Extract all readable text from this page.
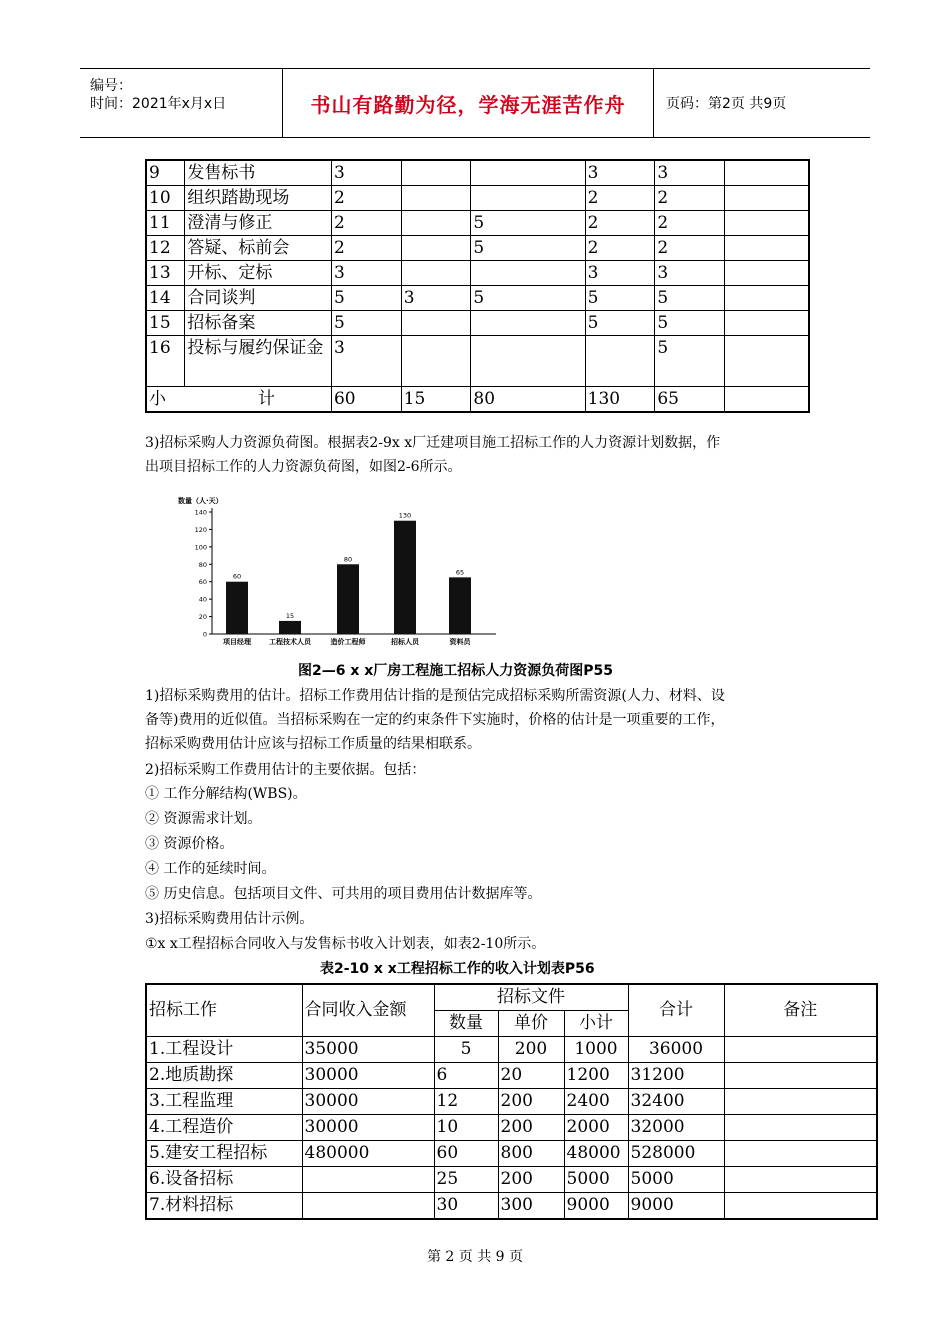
编号：
时间：2021年x月x日	书山有路勤为径，学海无涯苦作舟	页码：第2页 共9页
9	发售标书	3			3	3	
10	组织踏勘现场	2			2	2	
11	澄清与修正	2		5	2	2	
12	答疑、标前会	2		5	2	2	
13	开标、定标	3			3	3	
14	合同谈判	5	3	5	5	5	
15	招标备案	5			5	5	
16	投标与履约保证金	3				5	

小 计		60	15	80	130	65	
3)招标采购人力资源负荷图。根据表2-9x x厂迁建项目施工招标工作的人力资源计划数据，作
出项目招标工作的人力资源负荷图，如图2-6所示。
数量（人·天）
0
20
40
60
80
100
120
140
60
项目经理
15
工程技术人员
80
造价工程师
130
招标人员
65
资料员
图2—6 x x厂房工程施工招标人力资源负荷图P55
1)招标采购费用的估计。招标工作费用估计指的是预估完成招标采购所需资源(人力、材料、设
备等)费用的近似值。当招标采购在一定的约束条件下实施时，价格的估计是一项重要的工作，
招标采购费用估计应该与招标工作质量的结果相联系。
2)招标采购工作费用估计的主要依据。包括：
① 工作分解结构(WBS)。
② 资源需求计划。
③ 资源价格。
④ 工作的延续时间。
⑤ 历史信息。包括项目文件、可共用的项目费用估计数据库等。
3)招标采购费用估计示例。
①x x工程招标合同收入与发售标书收入计划表，如表2-10所示。
表2-10 x x工程招标工作的收入计划表P56
招标工作	合同收入金额	招标文件			合计	备注
		数量	单价	小计		
1.工程设计	35000	5	200	1000	36000	
2.地质勘探	30000	6	20	1200	31200	
3.工程监理	30000	12	200	2400	32400	
4.工程造价	30000	10	200	2000	32000	
5.建安工程招标	480000	60	800	48000	528000	
6.设备招标		25	200	5000	5000	
7.材料招标		30	300	9000	9000	
第 2 页 共 9 页
